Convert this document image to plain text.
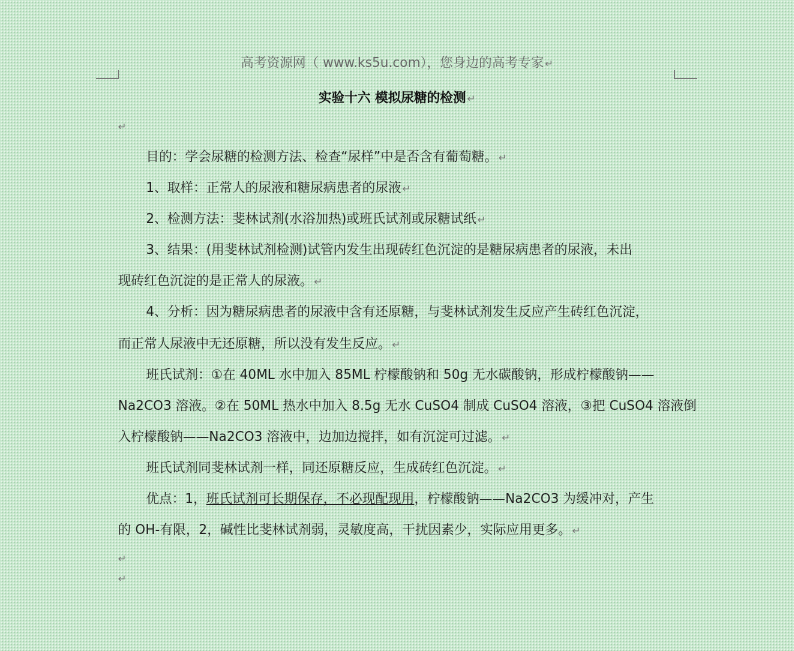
高考资源网（ www.ks5u.com），您身边的高考专家↵
实验十六 模拟尿糖的检测↵
↵
目的：学会尿糖的检测方法、检查“尿样”中是否含有葡萄糖。↵
1、取样：正常人的尿液和糖尿病患者的尿液↵
2、检测方法：斐林试剂(水浴加热)或班氏试剂或尿糖试纸↵
3、结果：(用斐林试剂检测)试管内发生出现砖红色沉淀的是糖尿病患者的尿液，未出
现砖红色沉淀的是正常人的尿液。↵
4、分析：因为糖尿病患者的尿液中含有还原糖，与斐林试剂发生反应产生砖红色沉淀，
而正常人尿液中无还原糖，所以没有发生反应。↵
班氏试剂：①在 40ML 水中加入 85ML 柠檬酸钠和 50g 无水碳酸钠，形成柠檬酸钠——
Na2CO3 溶液。②在 50ML 热水中加入 8.5g 无水 CuSO4 制成 CuSO4 溶液，③把 CuSO4 溶液倒
入柠檬酸钠——Na2CO3 溶液中，边加边搅拌，如有沉淀可过滤。↵
班氏试剂同斐林试剂一样，同还原糖反应，生成砖红色沉淀。↵
优点：1，班氏试剂可长期保存，不必现配现用，柠檬酸钠——Na2CO3 为缓冲对，产生
的 OH-有限，2，碱性比斐林试剂弱，灵敏度高，干扰因素少，实际应用更多。↵
↵
↵
